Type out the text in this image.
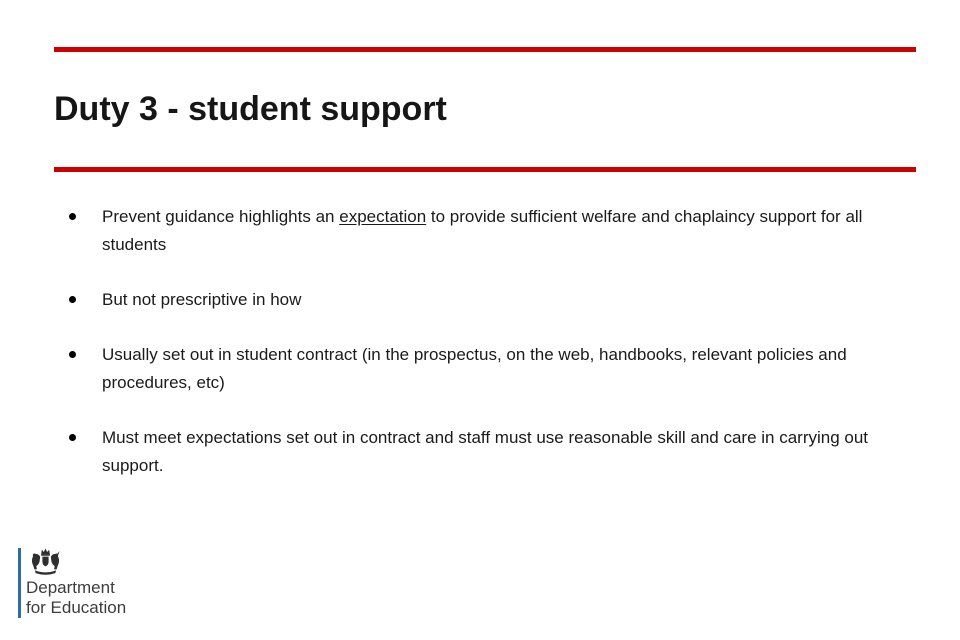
Duty 3 - student support
Prevent guidance highlights an expectation to provide sufficient welfare and chaplaincy support for all students
But not prescriptive in how
Usually set out in student contract (in the prospectus, on the web, handbooks, relevant policies and procedures, etc)
Must meet expectations set out in contract and staff must use reasonable skill and care in carrying out support.
Department
for Education
